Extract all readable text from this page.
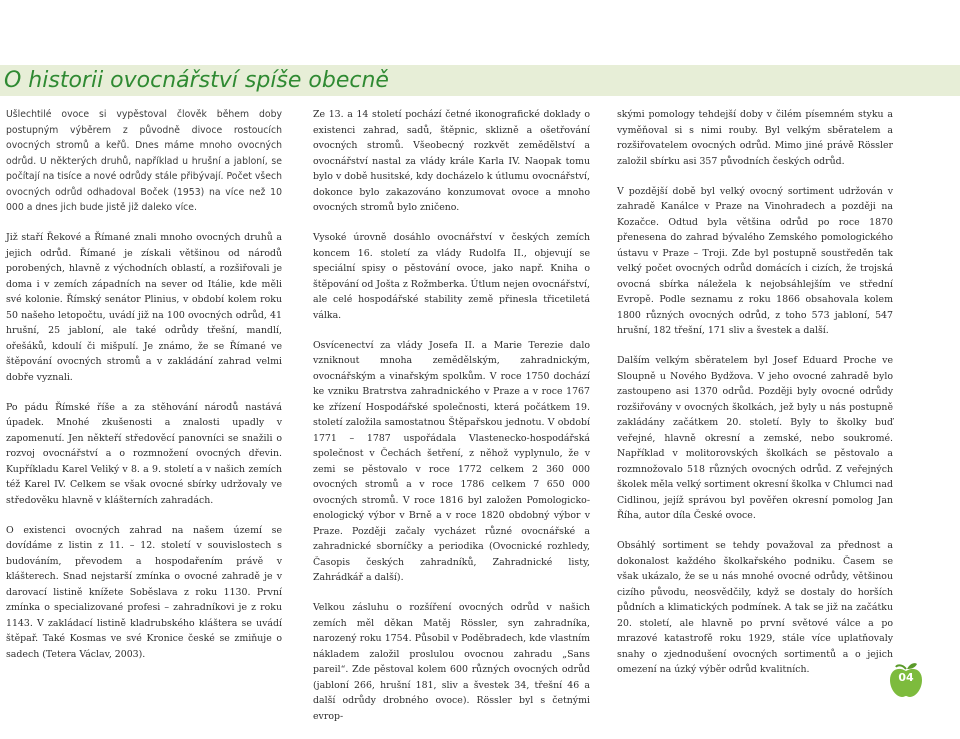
O historii ovocnářství spíše obecně

Ušlechtilé ovoce si vypěstoval člověk během doby postupným výběrem z původně divoce rostoucích ovocných stromů a keřů. Dnes máme mnoho ovocných odrůd. U některých druhů, například u hrušní a jabloní, se počítají na tisíce a nové odrůdy stále přibývají. Počet všech ovocných odrůd odhadoval Boček (1953) na více než 10 000 a dnes jich bude jistě již daleko více.

Již staří Řekové a Římané znali mnoho ovocných druhů a jejich odrůd. Římané je získali většinou od národů porobených, hlavně z východních oblastí, a rozšiřovali je doma i v zemích západních na sever od Itálie, kde měli své kolonie. Římský senátor Plinius, v období kolem roku 50 našeho letopočtu, uvádí již na 100 ovocných odrůd, 41 hrušní, 25 jabloní, ale také odrůdy třešní, mandlí, ořešáků, kdoulí či mišpulí. Je známo, že se Římané ve štěpování ovocných stromů a v zakládání zahrad velmi dobře vyznali.

Po pádu Římské říše a za stěhování národů nastává úpadek. Mnohé zkušenosti a znalosti upadly v zapomenutí. Jen někteří středověcí panovníci se snažili o rozvoj ovocnářství a o rozmnožení ovocných dřevin. Kupříkladu Karel Veliký v 8. a 9. století a v našich zemích též Karel IV. Celkem se však ovocné sbírky udržovaly ve středověku hlavně v klášterních zahradách.

O existenci ovocných zahrad na našem území se dovídáme z listin z 11. – 12. století v souvislostech s budováním, převodem a hospodařením právě v klášterech. Snad nejstarší zmínka o ovocné zahradě je v darovací listině knížete Soběslava z roku 1130. První zmínka o specializované profesi – zahradníkovi je z roku 1143. V zakládací listině kladrubského kláštera se uvádí štěpař. Také Kosmas ve své Kronice české se zmiňuje o sadech (Tetera Václav, 2003).

Ze 13. a 14 století pochází četné ikonografické doklady o existenci zahrad, sadů, štěpnic, sklizně a ošetřování ovocných stromů. Všeobecný rozkvět zemědělství a ovocnářství nastal za vlády krále Karla IV. Naopak tomu bylo v době husitské, kdy docházelo k útlumu ovocnářství, dokonce bylo zakazováno konzumovat ovoce a mnoho ovocných stromů bylo zničeno.

Vysoké úrovně dosáhlo ovocnářství v českých zemích koncem 16. století za vlády Rudolfa II., objevují se speciální spisy o pěstování ovoce, jako např. Kniha o štěpování od Jošta z Rožmberka. Útlum nejen ovocnářství, ale celé hospodářské stability země přinesla třicetiletá válka.

Osvícenectví za vlády Josefa II. a Marie Terezie dalo vzniknout mnoha zemědělským, zahradnickým, ovocnářským a vinařským spolkům. V roce 1750 dochází ke vzniku Bratrstva zahradnického v Praze a v roce 1767 ke zřízení Hospodářské společnosti, která počátkem 19. století založila samostatnou Štěpařskou jednotu. V období 1771 – 1787 uspořádala Vlastenecko-hospodářská společnost v Čechách šetření, z něhož vyplynulo, že v zemi se pěstovalo v roce 1772 celkem 2 360 000 ovocných stromů a v roce 1786 celkem 7 650 000 ovocných stromů. V roce 1816 byl založen Pomologicko-enologický výbor v Brně a v roce 1820 obdobný výbor v Praze. Později začaly vycházet různé ovocnářské a zahradnické sborníčky a periodika (Ovocnické rozhledy, Časopis českých zahradníků, Zahradnické listy, Zahrádkář a další).

Velkou zásluhu o rozšíření ovocných odrůd v našich zemích měl děkan Matěj Rössler, syn zahradníka, narozený roku 1754. Působil v Poděbradech, kde vlastním nákladem založil proslulou ovocnou zahradu „Sans pareil“. Zde pěstoval kolem 600 různých ovocných odrůd (jabloní 266, hrušní 181, sliv a švestek 34, třešní 46 a další odrůdy drobného ovoce). Rössler byl s četnými evrop-

skými pomology tehdejší doby v čilém písemném styku a vyměňoval si s nimi rouby. Byl velkým sběratelem a rozšiřovatelem ovocných odrůd. Mimo jiné právě Rössler založil sbírku asi 357 původních českých odrůd.

V pozdější době byl velký ovocný sortiment udržován v zahradě Kanálce v Praze na Vinohradech a později na Kozačce. Odtud byla většina odrůd po roce 1870 přenesena do zahrad bývalého Zemského pomologického ústavu v Praze – Troji. Zde byl postupně soustředěn tak velký počet ovocných odrůd domácích i cizích, že trojská ovocná sbírka náležela k nejobsáhlejším ve střední Evropě. Podle seznamu z roku 1866 obsahovala kolem 1800 různých ovocných odrůd, z toho 573 jabloní, 547 hrušní, 182 třešní, 171 sliv a švestek a další.

Dalším velkým sběratelem byl Josef Eduard Proche ve Sloupně u Nového Bydžova. V jeho ovocné zahradě bylo zastoupeno asi 1370 odrůd. Později byly ovocné odrůdy rozšiřovány v ovocných školkách, jež byly u nás postupně zakládány začátkem 20. století. Byly to školky buď veřejné, hlavně okresní a zemské, nebo soukromé. Například v molitorovských školkách se pěstovalo a rozmnožovalo 518 různých ovocných odrůd. Z veřejných školek měla velký sortiment okresní školka v Chlumci nad Cidlinou, jejíž správou byl pověřen okresní pomolog Jan Říha, autor díla České ovoce.

Obsáhlý sortiment se tehdy považoval za přednost a dokonalost každého školkařského podniku. Časem se však ukázalo, že se u nás mnohé ovocné odrůdy, většinou cizího původu, neosvědčily, když se dostaly do horších půdních a klimatických podmínek. A tak se již na začátku 20. století, ale hlavně po první světové válce a po mrazové katastrofě roku 1929, stále více uplatňovaly snahy o zjednodušení ovocných sortimentů a o jejich omezení na úzký výběr odrůd kvalitních.

04
